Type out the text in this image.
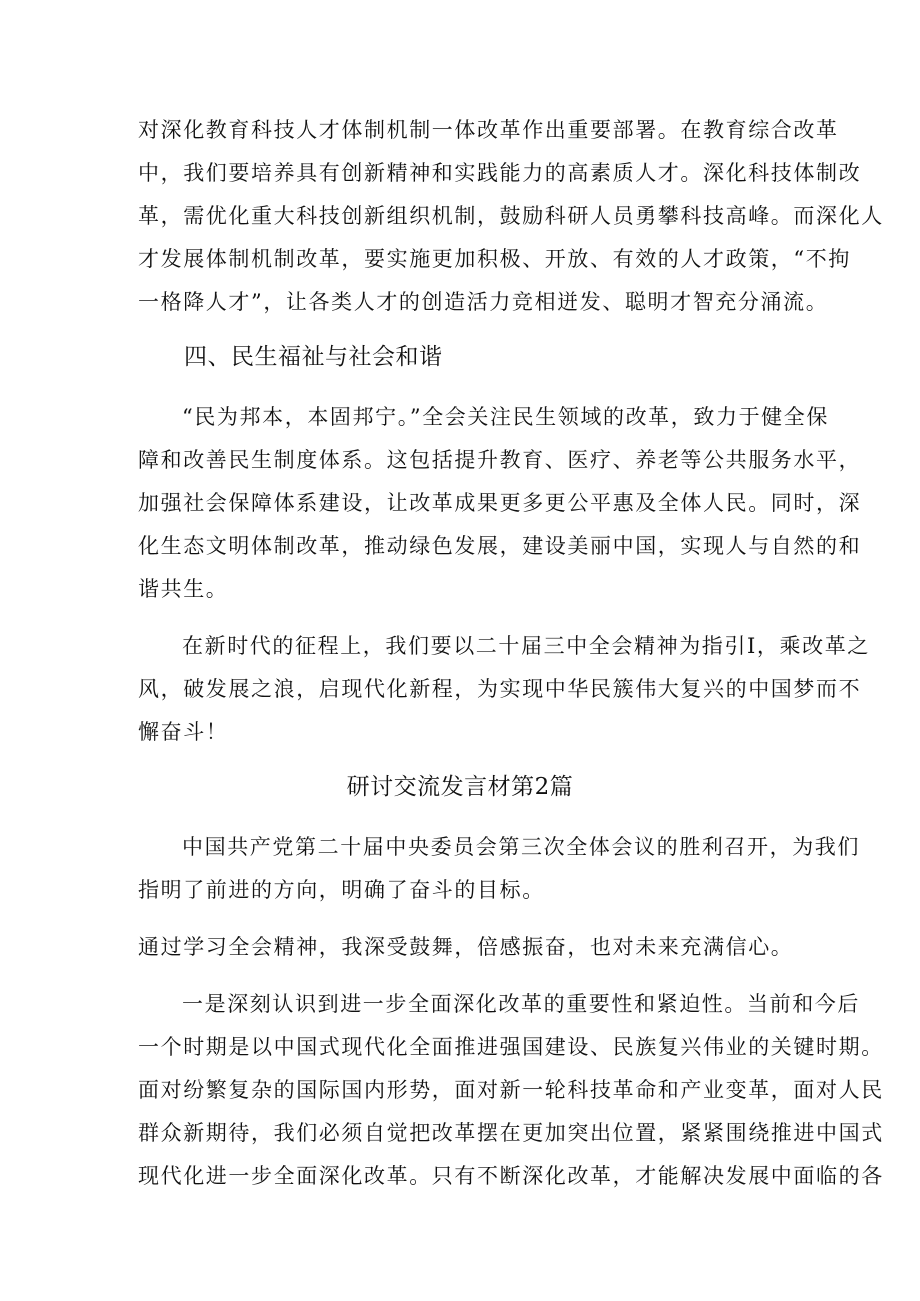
对深化教育科技人才体制机制一体改革作出重要部署。在教育综合改革
中，我们要培养具有创新精神和实践能力的高素质人才。深化科技体制改
革，需优化重大科技创新组织机制，鼓励科研人员勇攀科技高峰。而深化人
才发展体制机制改革，要实施更加积极、开放、有效的人才政策，“不拘
一格降人才”，让各类人才的创造活力竞相迸发、聪明才智充分涌流。
四、民生福祉与社会和谐
“民为邦本，本固邦宁。”全会关注民生领域的改革，致力于健全保
障和改善民生制度体系。这包括提升教育、医疗、养老等公共服务水平，
加强社会保障体系建设，让改革成果更多更公平惠及全体人民。同时，深
化生态文明体制改革，推动绿色发展，建设美丽中国，实现人与自然的和
谐共生。
在新时代的征程上，我们要以二十届三中全会精神为指引I，乘改革之
风，破发展之浪，启现代化新程，为实现中华民簇伟大复兴的中国梦而不
懈奋斗！
研讨交流发言材第2篇
中国共产党第二十届中央委员会第三次全体会议的胜利召开，为我们
指明了前进的方向，明确了奋斗的目标。
通过学习全会精神，我深受鼓舞，倍感振奋，也对未来充满信心。
一是深刻认识到进一步全面深化改革的重要性和紧迫性。当前和今后
一个时期是以中国式现代化全面推进强国建设、民族复兴伟业的关键时期。
面对纷繁复杂的国际国内形势，面对新一轮科技革命和产业变革，面对人民
群众新期待，我们必须自觉把改革摆在更加突出位置，紧紧围绕推进中国式
现代化进一步全面深化改革。只有不断深化改革，才能解决发展中面临的各
